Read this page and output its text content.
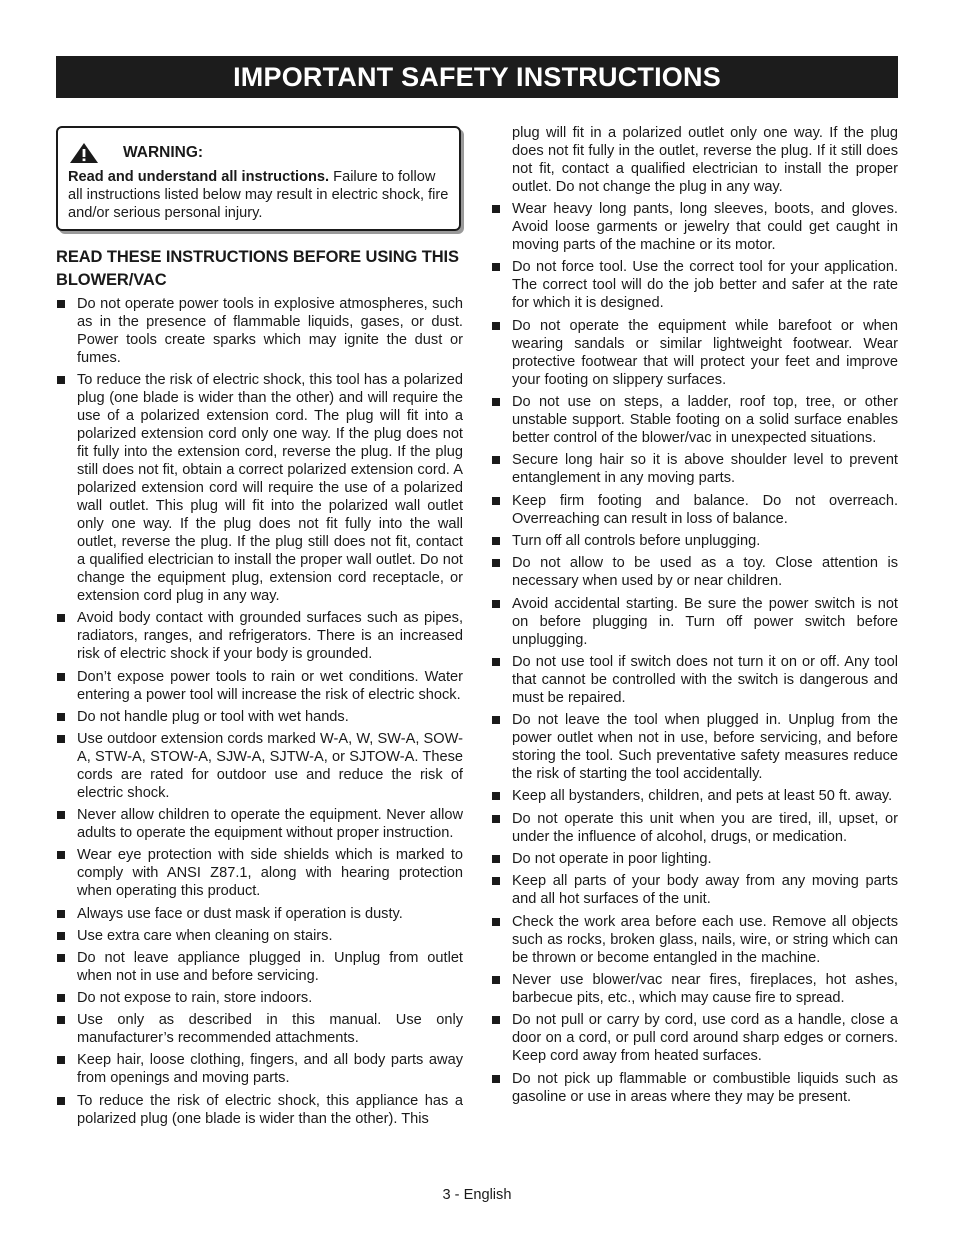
IMPORTANT SAFETY INSTRUCTIONS
WARNING:
Read and understand all instructions. Failure to follow all instructions listed below may result in electric shock, fire and/or serious personal injury.
READ THESE INSTRUCTIONS BEFORE USING THIS BLOWER/VAC
Do not operate power tools in explosive atmospheres, such as in the presence of flammable liquids, gases, or dust. Power tools create sparks which may ignite the dust or fumes.
To reduce the risk of electric shock, this tool has a polarized plug (one blade is wider than the other) and will require the use of a polarized extension cord. The plug will fit into a polarized extension cord only one way. If the plug does not fit fully into the extension cord, reverse the plug. If the plug still does not fit, obtain a correct polarized extension cord. A polarized extension cord will require the use of a polarized wall outlet. This plug will fit into the polarized wall outlet only one way. If the plug does not fit fully into the wall outlet, reverse the plug. If the plug still does not fit, contact a qualified electrician to install the proper wall outlet. Do not change the equipment plug, extension cord receptacle, or extension cord plug in any way.
Avoid body contact with grounded surfaces such as pipes, radiators, ranges, and refrigerators. There is an increased risk of electric shock if your body is grounded.
Don’t expose power tools to rain or wet conditions. Water entering a power tool will increase the risk of electric shock.
Do not handle plug or tool with wet hands.
Use outdoor extension cords marked W-A, W, SW-A, SOW-A, STW-A, STOW-A, SJW-A, SJTW-A, or SJTOW-A. These cords are rated for outdoor use and reduce the risk of electric shock.
Never allow children to operate the equipment. Never allow adults to operate the equipment without proper instruction.
Wear eye protection with side shields which is marked to comply with ANSI Z87.1, along with hearing protection when operating this product.
Always use face or dust mask if operation is dusty.
Use extra care when cleaning on stairs.
Do not leave appliance plugged in. Unplug from outlet when not in use and before servicing.
Do not expose to rain, store indoors.
Use only as described in this manual. Use only manufacturer’s recommended attachments.
Keep hair, loose clothing, fingers, and all body parts away from openings and moving parts.
To reduce the risk of electric shock, this appliance has a polarized plug (one blade is wider than the other). This
plug will fit in a polarized outlet only one way. If the plug does not fit fully in the outlet, reverse the plug. If it still does not fit, contact a qualified electrician to install the proper outlet. Do not change the plug in any way.
Wear heavy long pants, long sleeves, boots, and gloves. Avoid loose garments or jewelry that could get caught in moving parts of the machine or its motor.
Do not force tool. Use the correct tool for your application. The correct tool will do the job better and safer at the rate for which it is designed.
Do not operate the equipment while barefoot or when wearing sandals or similar lightweight footwear. Wear protective footwear that will protect your feet and improve your footing on slippery surfaces.
Do not use on steps, a ladder, roof top, tree, or other unstable support. Stable footing on a solid surface enables better control of the blower/vac in unexpected situations.
Secure long hair so it is above shoulder level to prevent entanglement in any moving parts.
Keep firm footing and balance. Do not overreach. Overreaching can result in loss of balance.
Turn off all controls before unplugging.
Do not allow to be used as a toy. Close attention is necessary when used by or near children.
Avoid accidental starting. Be sure the power switch is not on before plugging in. Turn off power switch before unplugging.
Do not use tool if switch does not turn it on or off. Any tool that cannot be controlled with the switch is dangerous and must be repaired.
Do not leave the tool when plugged in. Unplug from the power outlet when not in use, before servicing, and before storing the tool. Such preventative safety measures reduce the risk of starting the tool accidentally.
Keep all bystanders, children, and pets at least 50 ft. away.
Do not operate this unit when you are tired, ill, upset, or under the influence of alcohol, drugs, or medication.
Do not operate in poor lighting.
Keep all parts of your body away from any moving parts and all hot surfaces of the unit.
Check the work area before each use. Remove all objects such as rocks, broken glass, nails, wire, or string which can be thrown or become entangled in the machine.
Never use blower/vac near fires, fireplaces, hot ashes, barbecue pits, etc., which may cause fire to spread.
Do not pull or carry by cord, use cord as a handle, close a door on a cord, or pull cord around sharp edges or corners. Keep cord away from heated surfaces.
Do not pick up flammable or combustible liquids such as gasoline or use in areas where they may be present.
3 - English
